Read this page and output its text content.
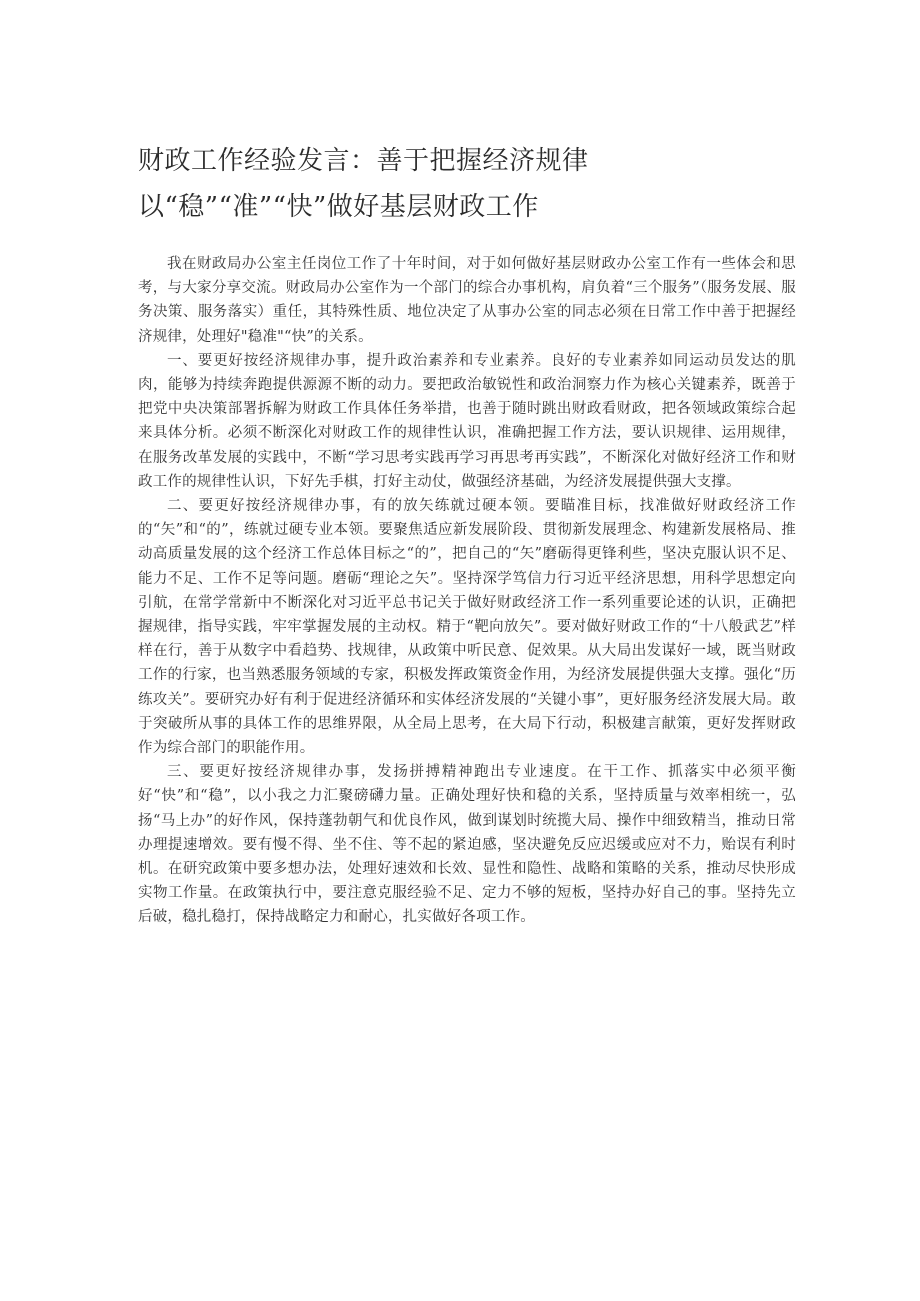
财政工作经验发言：善于把握经济规律以“稳”“准”“快”做好基层财政工作

我在财政局办公室主任岗位工作了十年时间，对于如何做好基层财政办公室工作有一些体会和思考，与大家分享交流。财政局办公室作为一个部门的综合办事机构，肩负着“三个服务”（服务发展、服务决策、服务落实）重任，其特殊性质、地位决定了从事办公室的同志必须在日常工作中善于把握经济规律，处理好"稳准"“快”的关系。

一、要更好按经济规律办事，提升政治素养和专业素养。良好的专业素养如同运动员发达的肌肉，能够为持续奔跑提供源源不断的动力。要把政治敏锐性和政治洞察力作为核心关键素养，既善于把党中央决策部署拆解为财政工作具体任务举措，也善于随时跳出财政看财政，把各领域政策综合起来具体分析。必须不断深化对财政工作的规律性认识，准确把握工作方法，要认识规律、运用规律，在服务改革发展的实践中，不断“学习思考实践再学习再思考再实践”，不断深化对做好经济工作和财政工作的规律性认识，下好先手棋，打好主动仗，做强经济基础，为经济发展提供强大支撑。

二、要更好按经济规律办事，有的放矢练就过硬本领。要瞄准目标，找准做好财政经济工作的“矢”和“的”，练就过硬专业本领。要聚焦适应新发展阶段、贯彻新发展理念、构建新发展格局、推动高质量发展的这个经济工作总体目标之“的”，把自己的“矢”磨砺得更锋利些，坚决克服认识不足、能力不足、工作不足等问题。磨砺“理论之矢”。坚持深学笃信力行习近平经济思想，用科学思想定向引航，在常学常新中不断深化对习近平总书记关于做好财政经济工作一系列重要论述的认识，正确把握规律，指导实践，牢牢掌握发展的主动权。精于“靶向放矢”。要对做好财政工作的“十八般武艺”样样在行，善于从数字中看趋势、找规律，从政策中听民意、促效果。从大局出发谋好一域，既当财政工作的行家，也当熟悉服务领域的专家，积极发挥政策资金作用，为经济发展提供强大支撑。强化“历练攻关”。要研究办好有利于促进经济循环和实体经济发展的“关键小事”，更好服务经济发展大局。敢于突破所从事的具体工作的思维界限，从全局上思考，在大局下行动，积极建言献策，更好发挥财政作为综合部门的职能作用。

三、要更好按经济规律办事，发扬拼搏精神跑出专业速度。在干工作、抓落实中必须平衡好“快”和“稳”，以小我之力汇聚磅礴力量。正确处理好快和稳的关系，坚持质量与效率相统一，弘扬“马上办”的好作风，保持蓬勃朝气和优良作风，做到谋划时统揽大局、操作中细致精当，推动日常办理提速增效。要有慢不得、坐不住、等不起的紧迫感，坚决避免反应迟缓或应对不力，贻误有利时机。在研究政策中要多想办法，处理好速效和长效、显性和隐性、战略和策略的关系，推动尽快形成实物工作量。在政策执行中，要注意克服经验不足、定力不够的短板，坚持办好自己的事。坚持先立后破，稳扎稳打，保持战略定力和耐心，扎实做好各项工作。
